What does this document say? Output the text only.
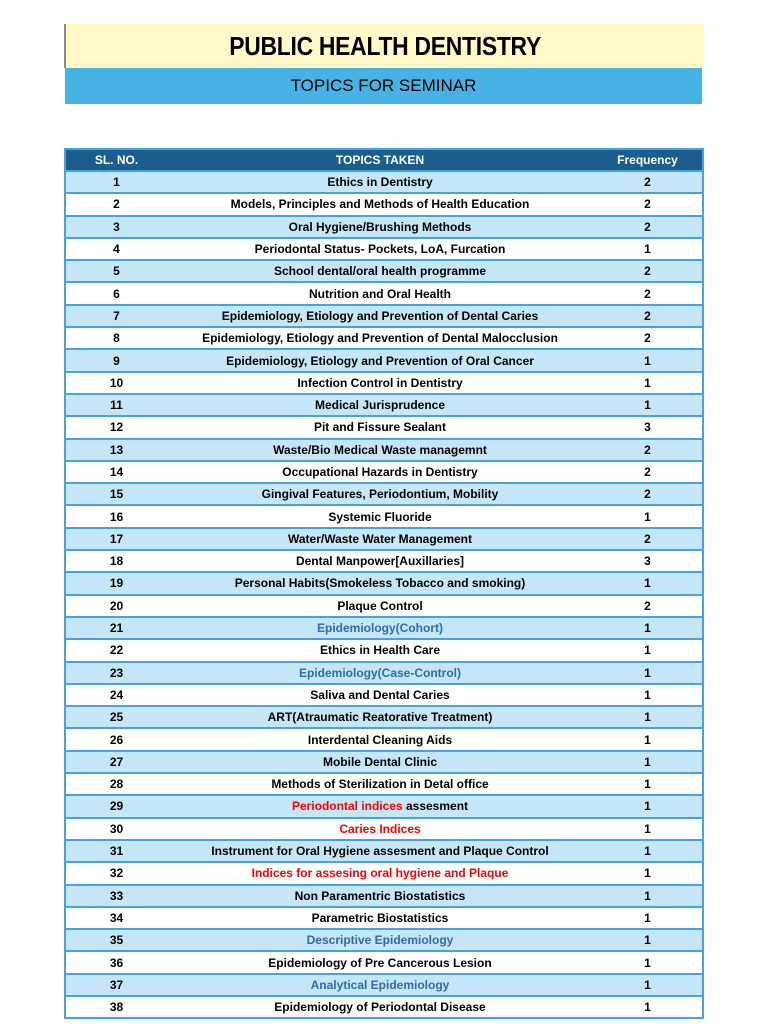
PUBLIC HEALTH DENTISTRY
TOPICS FOR SEMINAR
SL. NO.	TOPICS TAKEN	Frequency
1	Ethics in Dentistry	2
2	Models, Principles and Methods of Health Education	2
3	Oral Hygiene/Brushing Methods	2
4	Periodontal Status- Pockets, LoA, Furcation	1
5	School dental/oral health programme	2
6	Nutrition and Oral Health	2
7	Epidemiology, Etiology and Prevention of Dental Caries	2
8	Epidemiology, Etiology and Prevention of Dental Malocclusion	2
9	Epidemiology, Etiology and Prevention of Oral Cancer	1
10	Infection Control in Dentistry	1
11	Medical Jurisprudence	1
12	Pit and Fissure Sealant	3
13	Waste/Bio Medical Waste managemnt	2
14	Occupational Hazards in Dentistry	2
15	Gingival Features, Periodontium, Mobility	2
16	Systemic Fluoride	1
17	Water/Waste Water Management	2
18	Dental Manpower[Auxillaries]	3
19	Personal Habits(Smokeless Tobacco and smoking)	1
20	Plaque Control	2
21	Epidemiology(Cohort)	1
22	Ethics in Health Care	1
23	Epidemiology(Case-Control)	1
24	Saliva and Dental Caries	1
25	ART(Atraumatic Reatorative Treatment)	1
26	Interdental Cleaning Aids	1
27	Mobile Dental Clinic	1
28	Methods of Sterilization in Detal office	1
29	Periodontal indices assesment	1
30	Caries Indices	1
31	Instrument for Oral Hygiene assesment and Plaque Control	1
32	Indices for assesing oral hygiene and Plaque	1
33	Non Paramentric Biostatistics	1
34	Parametric Biostatistics	1
35	Descriptive Epidemiology	1
36	Epidemiology of Pre Cancerous Lesion	1
37	Analytical Epidemiology	1
38	Epidemiology of Periodontal Disease	1
